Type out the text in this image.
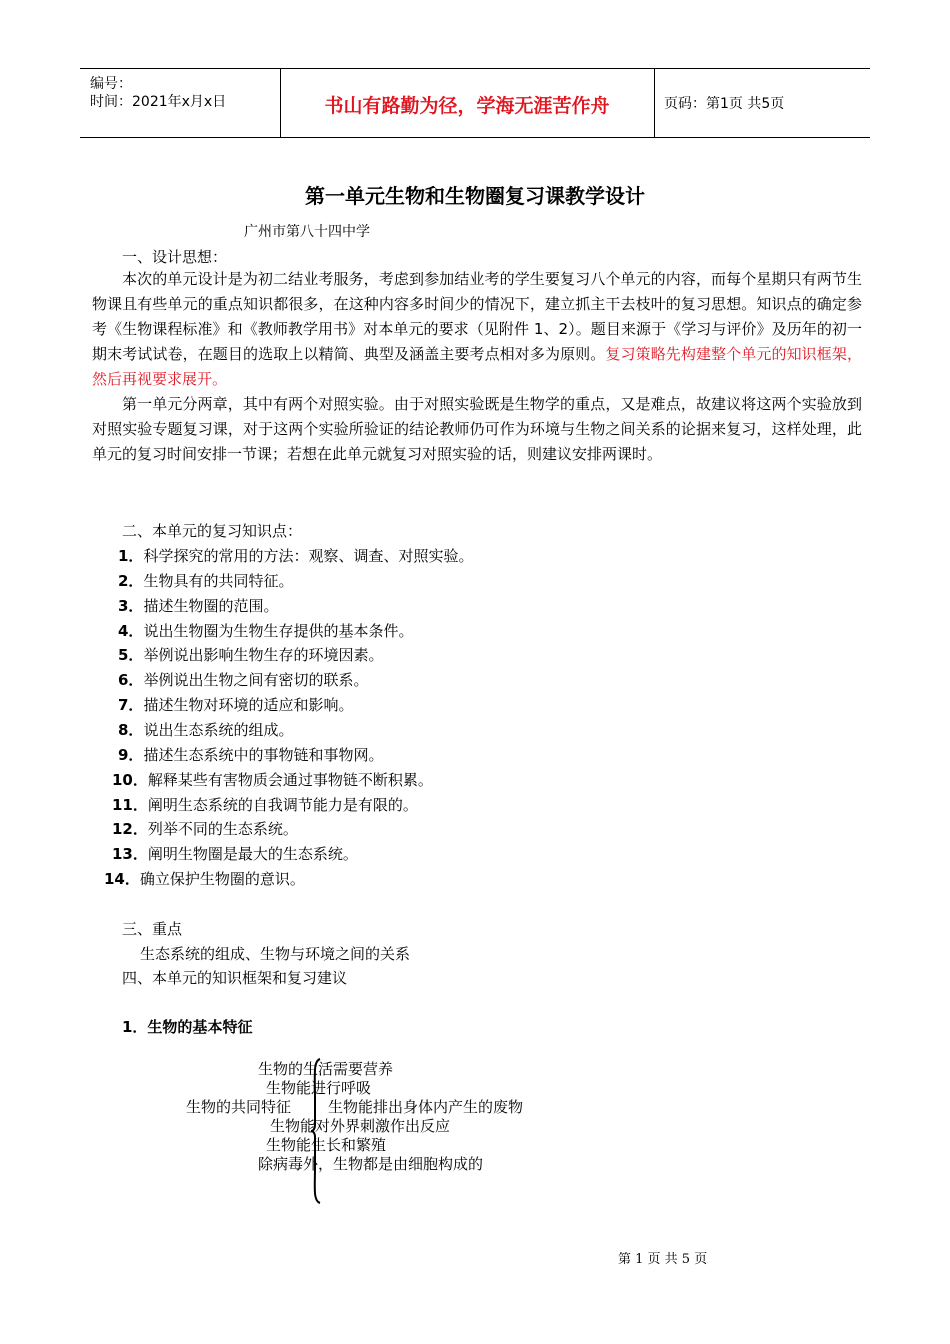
编号：
时间：2021年x月x日	书山有路勤为径，学海无涯苦作舟	页码：第1页 共5页
第一单元生物和生物圈复习课教学设计
广州市第八十四中学
一、设计思想：
本次的单元设计是为初二结业考服务，考虑到参加结业考的学生要复习八个单元的内容，而每个星期只有两节生物课且有些单元的重点知识都很多，在这种内容多时间少的情况下，建立抓主干去枝叶的复习思想。知识点的确定参考《生物课程标准》和《教师教学用书》对本单元的要求（见附件 1、2）。题目来源于《学习与评价》及历年的初一期末考试试卷，在题目的选取上以精简、典型及涵盖主要考点相对多为原则。复习策略先构建整个单元的知识框架，然后再视要求展开。
第一单元分两章，其中有两个对照实验。由于对照实验既是生物学的重点，又是难点，故建议将这两个实验放到对照实验专题复习课，对于这两个实验所验证的结论教师仍可作为环境与生物之间关系的论据来复习，这样处理，此单元的复习时间安排一节课；若想在此单元就复习对照实验的话，则建议安排两课时。
二、本单元的复习知识点：
1．科学探究的常用的方法：观察、调查、对照实验。
2．生物具有的共同特征。
3．描述生物圈的范围。
4．说出生物圈为生物生存提供的基本条件。
5．举例说出影响生物生存的环境因素。
6．举例说出生物之间有密切的联系。
7．描述生物对环境的适应和影响。
8．说出生态系统的组成。
9．描述生态系统中的事物链和事物网。
10．解释某些有害物质会通过事物链不断积累。
11．阐明生态系统的自我调节能力是有限的。
12．列举不同的生态系统。
13．阐明生物圈是最大的生态系统。
14．确立保护生物圈的意识。
三、重点
生态系统的组成、生物与环境之间的关系
四、本单元的知识框架和复习建议
1．生物的基本特征
生物的共同特征
生物的生活需要营养
生物能进行呼吸
生物能排出身体内产生的废物
生物能对外界刺激作出反应
生物能生长和繁殖
除病毒外，生物都是由细胞构成的
第 1 页 共 5 页
